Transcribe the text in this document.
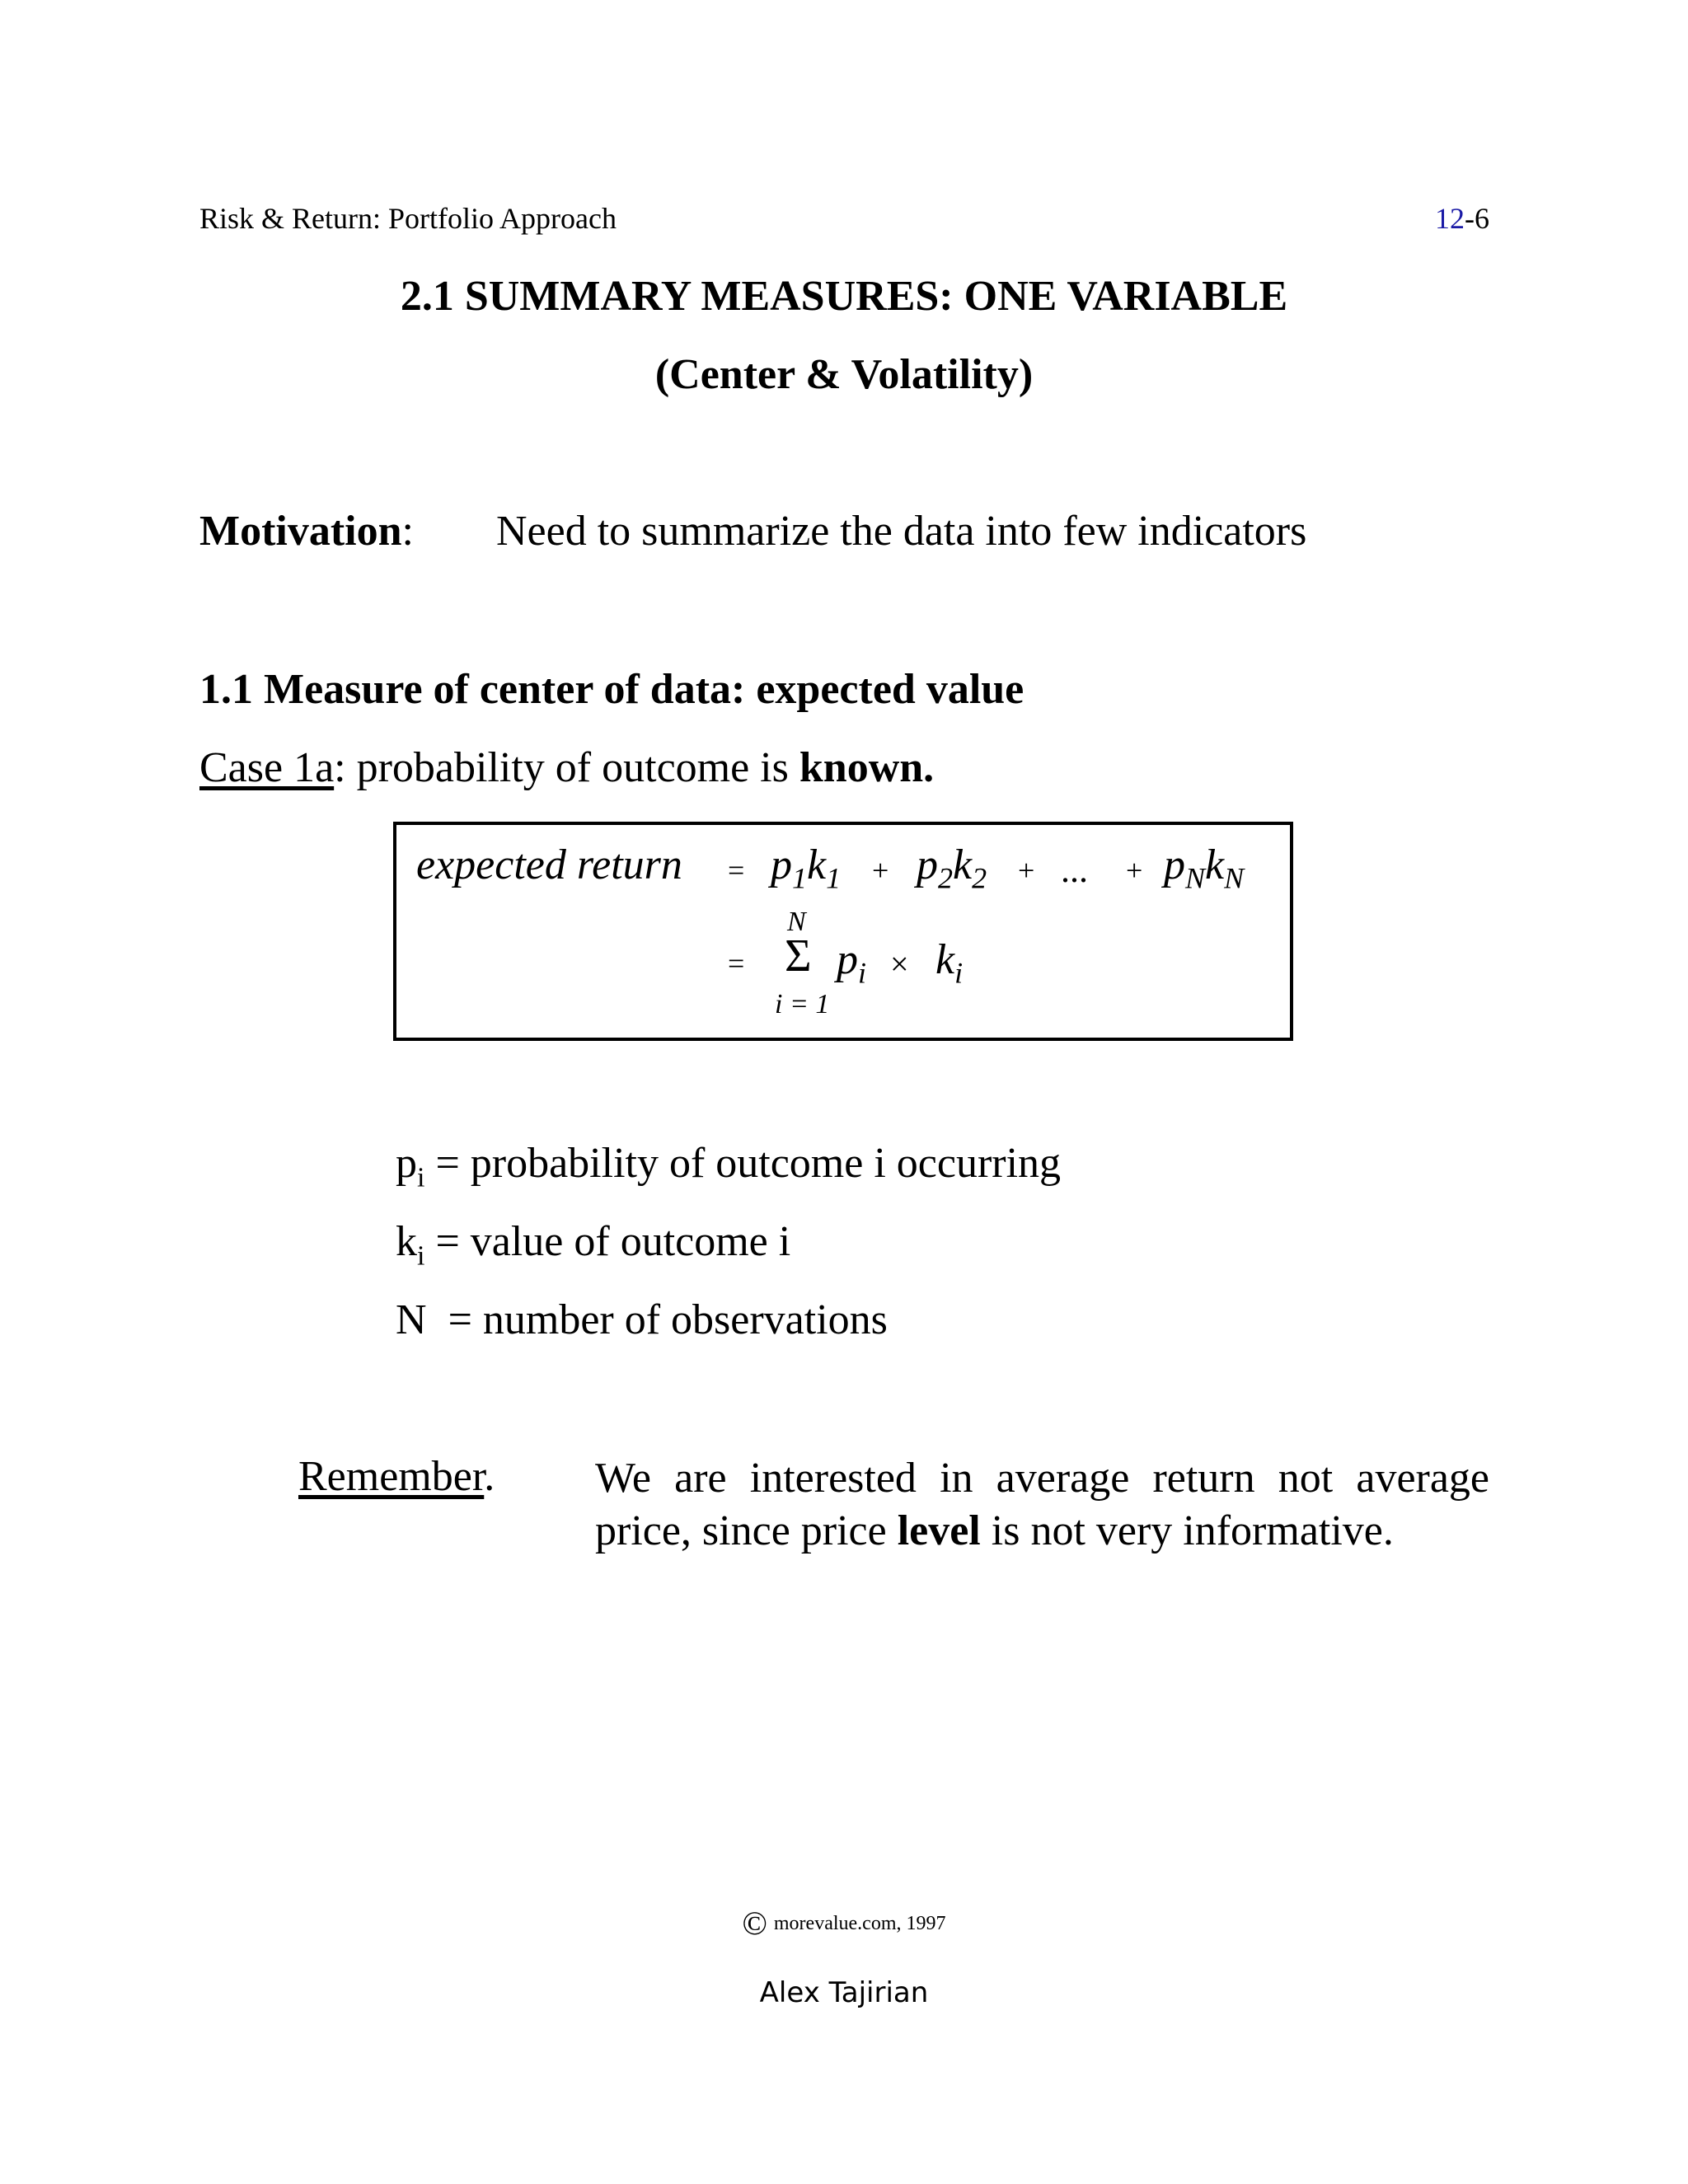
Risk & Return: Portfolio Approach	12-6
2.1 SUMMARY MEASURES: ONE VARIABLE
(Center & Volatility)
Motivation: Need to summarize the data into few indicators
1.1 Measure of center of data: expected value
Case 1a: probability of outcome is known.
expected return = $p_1k_1 + p_2k_2$ + ... + $p_Nk_N$
N
= Σ
i = 1
$p_i \times k_i$
$p_i$ = probability of outcome i occurring
$k_i$ = value of outcome i
N  = number of observations
Remember. We are interested in average return not average price, since price level is not very informative.
© morevalue.com, 1997
Alex Tajirian
